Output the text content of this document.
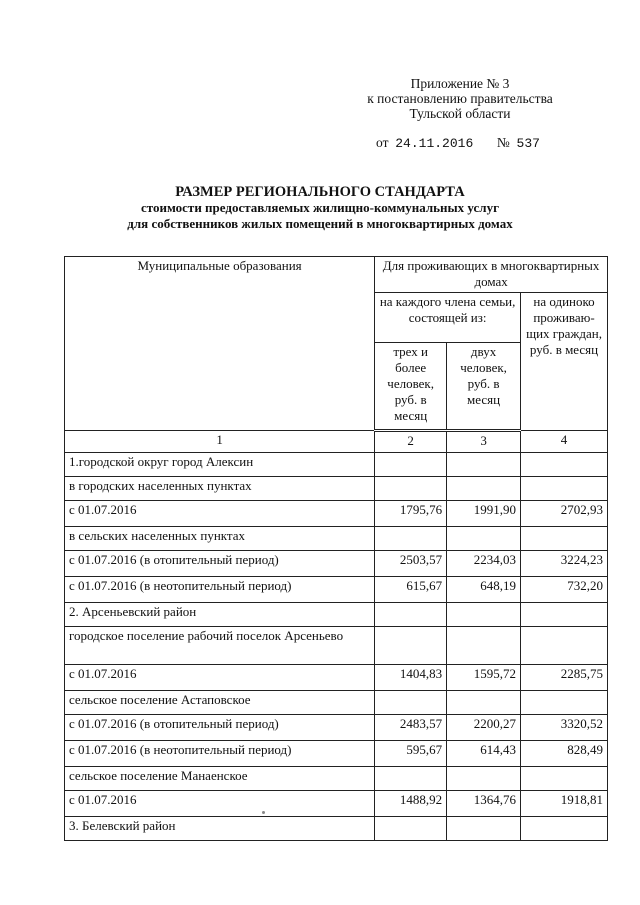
Приложение № 3
к постановлению правительства
Тульской области
от 24.11.2016 № 537
РАЗМЕР РЕГИОНАЛЬНОГО СТАНДАРТА
стоимости предоставляемых жилищно-коммунальных услуг
для собственников жилых помещений в многоквартирных домах
Муниципальные образования	Для проживающих в многоквартирных домах		
	на каждого члена семьи, состоящей из:		на одиноко проживаю-щих граждан, руб. в месяц
	трех и более человек, руб. в месяц	двух человек, руб. в месяц	
1	2	3	4
1.городской округ город Алексин			
в городских населенных пунктах			
с 01.07.2016	1795,76	1991,90	2702,93
в сельских населенных пунктах			
с 01.07.2016 (в отопительный период)	2503,57	2234,03	3224,23
с 01.07.2016 (в неотопительный период)	615,67	648,19	732,20
2. Арсеньевский район			
городское поселение рабочий поселок Арсеньево			
с 01.07.2016	1404,83	1595,72	2285,75
сельское поселение Астаповское			
с 01.07.2016 (в отопительный период)	2483,57	2200,27	3320,52
с 01.07.2016 (в неотопительный период)	595,67	614,43	828,49
сельское поселение Манаенское			
с 01.07.2016	1488,92	1364,76	1918,81
3. Белевский район			
